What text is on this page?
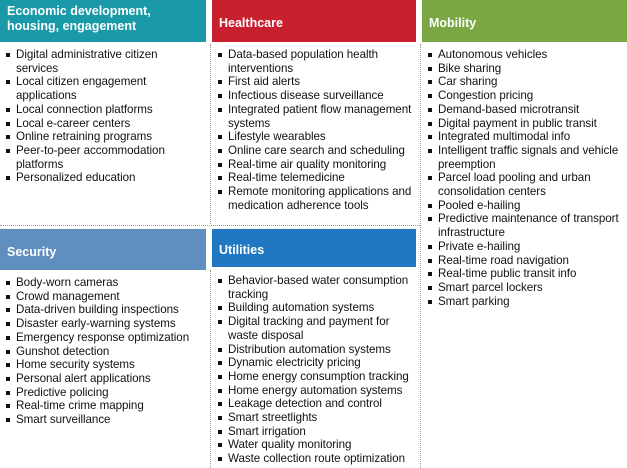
Economic development, housing, engagement
Digital administrative citizen services
Local citizen engagement applications
Local connection platforms
Local e-career centers
Online retraining programs
Peer-to-peer accommodation platforms
Personalized education
Healthcare
Data-based population health interventions
First aid alerts
Infectious disease surveillance
Integrated patient flow management systems
Lifestyle wearables
Online care search and scheduling
Real-time air quality monitoring
Real-time telemedicine
Remote monitoring applications and medication adherence tools
Mobility
Autonomous vehicles
Bike sharing
Car sharing
Congestion pricing
Demand-based microtransit
Digital payment in public transit
Integrated multimodal info
Intelligent traffic signals and vehicle preemption
Parcel load pooling and urban consolidation centers
Pooled e-hailing
Predictive maintenance of transport infrastructure
Private e-hailing
Real-time road navigation
Real-time public transit info
Smart parcel lockers
Smart parking
Security
Body-worn cameras
Crowd management
Data-driven building inspections
Disaster early-warning systems
Emergency response optimization
Gunshot detection
Home security systems
Personal alert applications
Predictive policing
Real-time crime mapping
Smart surveillance
Utilities
Behavior-based water consumption tracking
Building automation systems
Digital tracking and payment for waste disposal
Distribution automation systems
Dynamic electricity pricing
Home energy consumption tracking
Home energy automation systems
Leakage detection and control
Smart streetlights
Smart irrigation
Water quality monitoring
Waste collection route optimization
